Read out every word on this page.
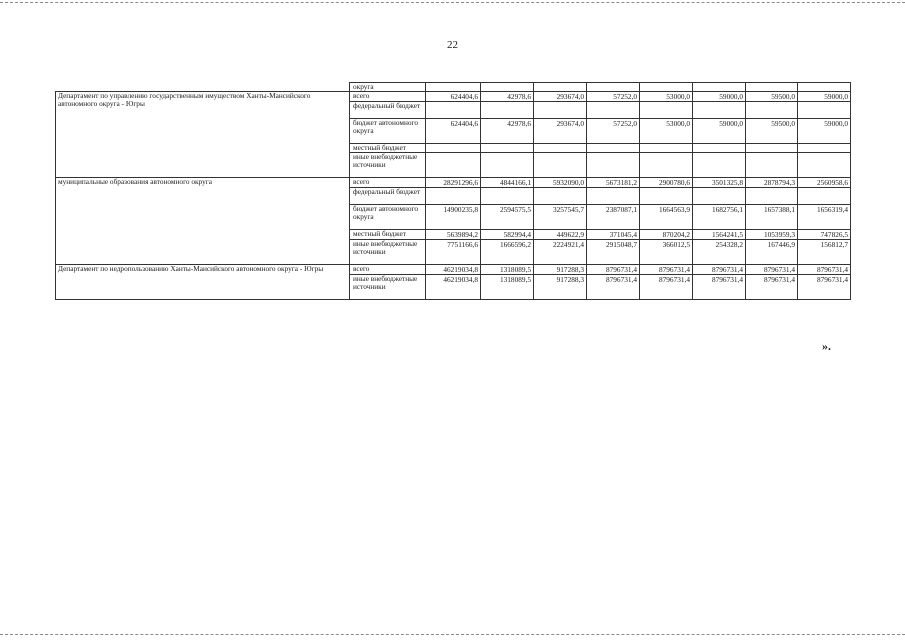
22
	округа								
Департамент по управлению государственным имуществом Ханты-Мансийского автономного округа - Югры	всего	624404,6	42978,6	293674,0	57252,0	53000,0	59000,0	59500,0	59000,0
	федеральный бюджет								
	бюджет автономного округа	624404,6	42978,6	293674,0	57252,0	53000,0	59000,0	59500,0	59000,0
	местный бюджет								
	иные внебюджетные источники								
муниципальные образования автономного округа	всего	28291296,6	4844166,1	5932090,0	5673181,2	2900780,6	3501325,8	2878794,3	2560958,6
	федеральный бюджет								
	бюджет автономного округа	14900235,8	2594575,5	3257545,7	2387087,1	1664563,9	1682756,1	1657388,1	1656319,4
	местный бюджет	5639894,2	582994,4	449622,9	371045,4	870204,2	1564241,5	1053959,3	747826,5
	иные внебюджетные источники	7751166,6	1666596,2	2224921,4	2915048,7	366012,5	254328,2	167446,9	156812,7
Департамент по недропользованию Ханты-Мансийского автономного округа - Югры	всего	46219034,8	1318089,5	917288,3	8796731,4	8796731,4	8796731,4	8796731,4	8796731,4
	иные внебюджетные источники	46219034,8	1318089,5	917288,3	8796731,4	8796731,4	8796731,4	8796731,4	8796731,4
».
